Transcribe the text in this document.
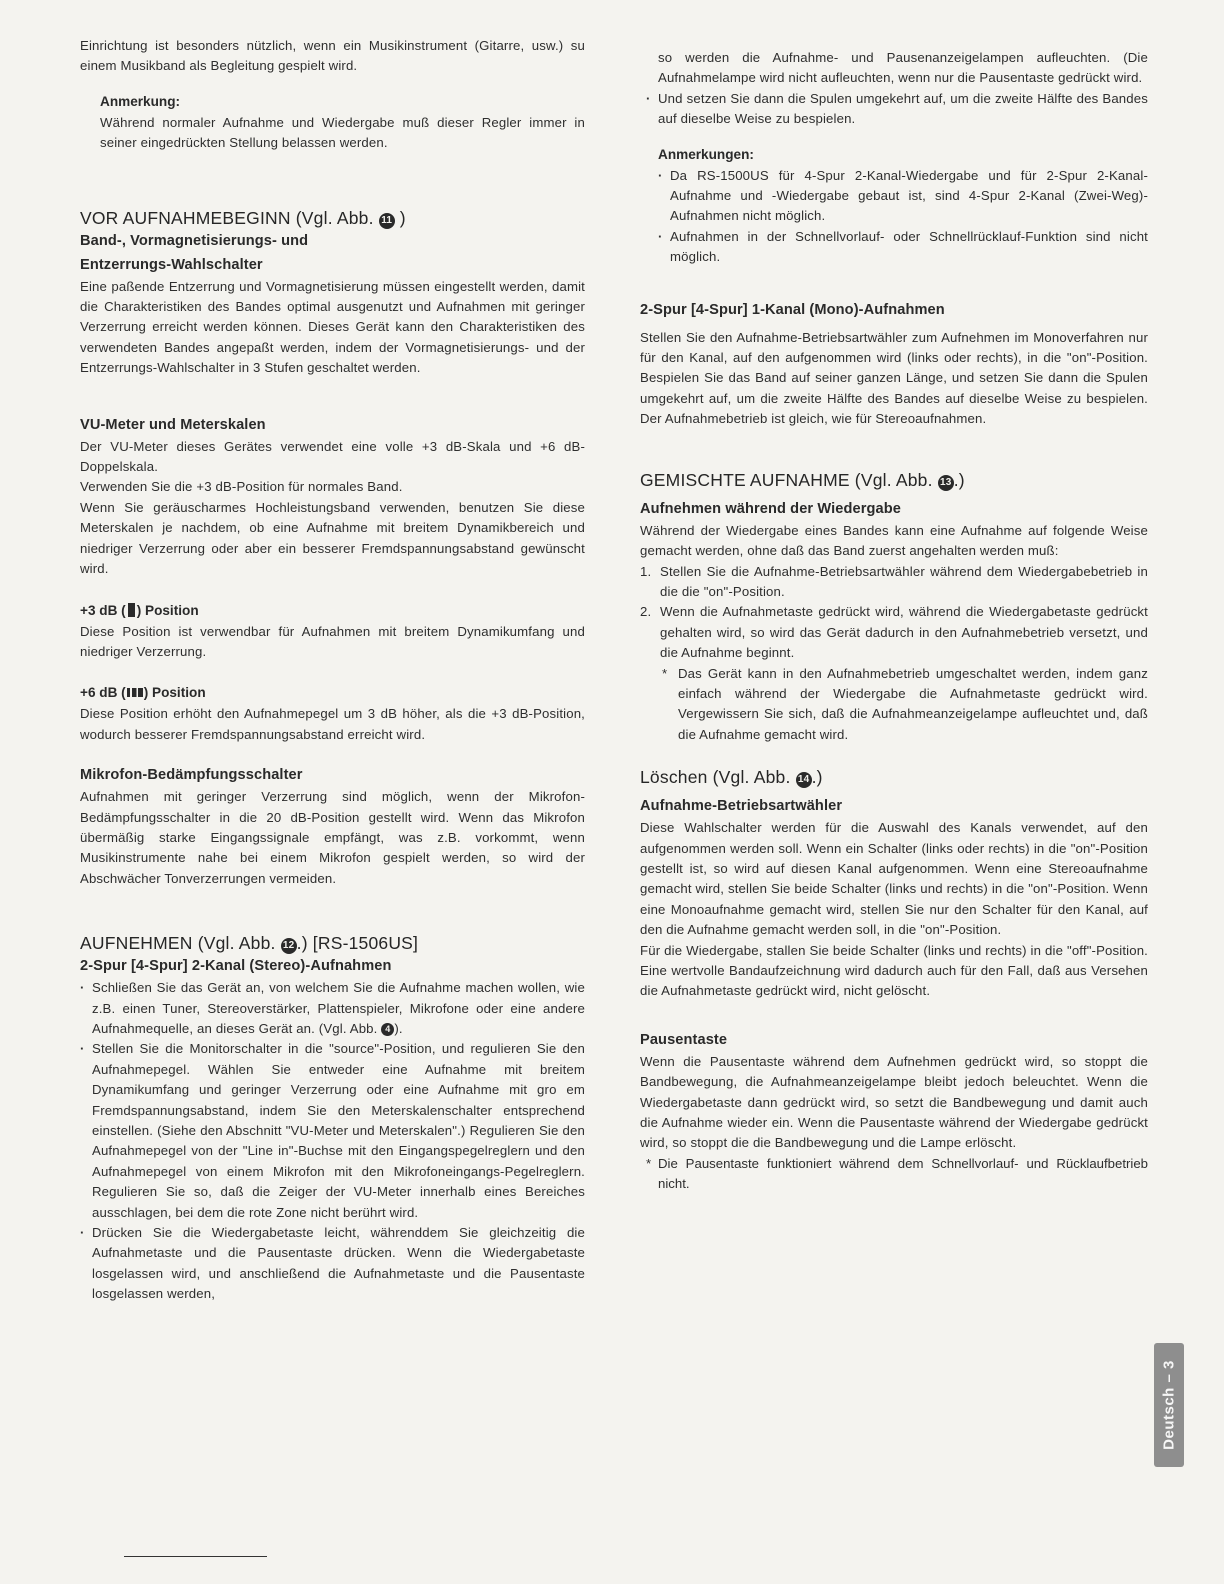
Einrichtung ist besonders nützlich, wenn ein Musikinstrument (Gitarre, usw.) su einem Musikband als Begleitung gespielt wird.

Anmerkung:

Während normaler Aufnahme und Wiedergabe muß dieser Regler immer in seiner eingedrückten Stellung belassen werden.

VOR AUFNAHMEBEGINN (Vgl. Abb. 11 )
Band-, Vormagnetisierungs- und
Entzerrungs-Wahlschalter

Eine paßende Entzerrung und Vormagnetisierung müssen eingestellt werden, damit die Charakteristiken des Bandes optimal ausgenutzt und Aufnahmen mit geringer Verzerrung erreicht werden können. Dieses Gerät kann den Charakteristiken des verwendeten Bandes angepaßt werden, indem der Vormagnetisierungs- und der Entzerrungs-Wahlschalter in 3 Stufen geschaltet werden.

VU-Meter und Meterskalen

Der VU-Meter dieses Gerätes verwendet eine volle +3 dB-Skala und +6 dB-Doppelskala.

Verwenden Sie die +3 dB-Position für normales Band.

Wenn Sie geräuscharmes Hochleistungsband verwenden, benutzen Sie diese Meterskalen je nachdem, ob eine Aufnahme mit breitem Dynamikbereich und niedriger Verzerrung oder aber ein besserer Fremdspannungsabstand gewünscht wird.

+3 dB ( ) Position

Diese Position ist verwendbar für Aufnahmen mit breitem Dynamikumfang und niedriger Verzerrung.

+6 dB ( ) Position

Diese Position erhöht den Aufnahmepegel um 3 dB höher, als die +3 dB-Position, wodurch besserer Fremdspannungsabstand erreicht wird.

Mikrofon-Bedämpfungsschalter

Aufnahmen mit geringer Verzerrung sind möglich, wenn der Mikrofon-Bedämpfungsschalter in die 20 dB-Position gestellt wird. Wenn das Mikrofon übermäßig starke Eingangssignale empfängt, was z.B. vorkommt, wenn Musikinstrumente nahe bei einem Mikrofon gespielt werden, so wird der Abschwächer Tonverzerrungen vermeiden.

AUFNEHMEN (Vgl. Abb. 12 .) [RS-1506US]
2-Spur [4-Spur] 2-Kanal (Stereo)-Aufnahmen
· Schließen Sie das Gerät an, von welchem Sie die Aufnahme machen wollen, wie z.B. einen Tuner, Stereoverstärker, Plattenspieler, Mikrofone oder eine andere Aufnahmequelle, an dieses Gerät an. (Vgl. Abb. 4 ).
· Stellen Sie die Monitorschalter in die "source"-Position, und regulieren Sie den Aufnahmepegel. Wählen Sie entweder eine Aufnahme mit breitem Dynamikumfang und geringer Verzerrung oder eine Aufnahme mit gro em Fremdspannungsabstand, indem Sie den Meterskalenschalter entsprechend einstellen. (Siehe den Abschnitt "VU-Meter und Meterskalen".) Regulieren Sie den Aufnahmepegel von der "Line in"-Buchse mit den Eingangspegelreglern und den Aufnahmepegel von einem Mikrofon mit den Mikrofoneingangs-Pegelreglern. Regulieren Sie so, daß die Zeiger der VU-Meter innerhalb eines Bereiches ausschlagen, bei dem die rote Zone nicht berührt wird.
· Drücken Sie die Wiedergabetaste leicht, währenddem Sie gleichzeitig die Aufnahmetaste und die Pausentaste drücken. Wenn die Wiedergabetaste losgelassen wird, und anschließend die Aufnahmetaste und die Pausentaste losgelassen werden,

so werden die Aufnahme- und Pausenanzeigelampen aufleuchten. (Die Aufnahmelampe wird nicht aufleuchten, wenn nur die Pausentaste gedrückt wird.

· Und setzen Sie dann die Spulen umgekehrt auf, um die zweite Hälfte des Bandes auf dieselbe Weise zu bespielen.
Anmerkungen:
· Da RS-1500US für 4-Spur 2-Kanal-Wiedergabe und für 2-Spur 2-Kanal-Aufnahme und -Wiedergabe gebaut ist, sind 4-Spur 2-Kanal (Zwei-Weg)-Aufnahmen nicht möglich.
· Aufnahmen in der Schnellvorlauf- oder Schnellrücklauf-Funktion sind nicht möglich.
2-Spur [4-Spur] 1-Kanal (Mono)-Aufnahmen

Stellen Sie den Aufnahme-Betriebsartwähler zum Aufnehmen im Monoverfahren nur für den Kanal, auf den aufgenommen wird (links oder rechts), in die "on"-Position. Bespielen Sie das Band auf seiner ganzen Länge, und setzen Sie dann die Spulen umgekehrt auf, um die zweite Hälfte des Bandes auf dieselbe Weise zu bespielen. Der Aufnahmebetrieb ist gleich, wie für Stereoaufnahmen.

GEMISCHTE AUFNAHME (Vgl. Abb. 13 .)
Aufnehmen während der Wiedergabe

Während der Wiedergabe eines Bandes kann eine Aufnahme auf folgende Weise gemacht werden, ohne daß das Band zuerst angehalten werden muß:

1. Stellen Sie die Aufnahme-Betriebsartwähler während dem Wiedergabebetrieb in die die "on"-Position.
2. Wenn die Aufnahmetaste gedrückt wird, während die Wiedergabetaste gedrückt gehalten wird, so wird das Gerät dadurch in den Aufnahmebetrieb versetzt, und die Aufnahme beginnt.
* Das Gerät kann in den Aufnahmebetrieb umgeschaltet werden, indem ganz einfach während der Wiedergabe die Aufnahmetaste gedrückt wird. Vergewissern Sie sich, daß die Aufnahmeanzeigelampe aufleuchtet und, daß die Aufnahme gemacht wird.
Löschen (Vgl. Abb. 14 .)
Aufnahme-Betriebsartwähler

Diese Wahlschalter werden für die Auswahl des Kanals verwendet, auf den aufgenommen werden soll. Wenn ein Schalter (links oder rechts) in die "on"-Position gestellt ist, so wird auf diesen Kanal aufgenommen. Wenn eine Stereoaufnahme gemacht wird, stellen Sie beide Schalter (links und rechts) in die "on"-Position. Wenn eine Monoaufnahme gemacht wird, stellen Sie nur den Schalter für den Kanal, auf den die Aufnahme gemacht werden soll, in die "on"-Position.

Für die Wiedergabe, stallen Sie beide Schalter (links und rechts) in die "off"-Position. Eine wertvolle Bandaufzeichnung wird dadurch auch für den Fall, daß aus Versehen die Aufnahmetaste gedrückt wird, nicht gelöscht.

Pausentaste

Wenn die Pausentaste während dem Aufnehmen gedrückt wird, so stoppt die Bandbewegung, die Aufnahmeanzeigelampe bleibt jedoch beleuchtet. Wenn die Wiedergabetaste dann gedrückt wird, so setzt die Bandbewegung und damit auch die Aufnahme wieder ein. Wenn die Pausentaste während der Wiedergabe gedrückt wird, so stoppt die die Bandbewegung und die Lampe erlöscht.

* Die Pausentaste funktioniert während dem Schnellvorlauf- und Rücklaufbetrieb nicht.
Deutsch – 3
